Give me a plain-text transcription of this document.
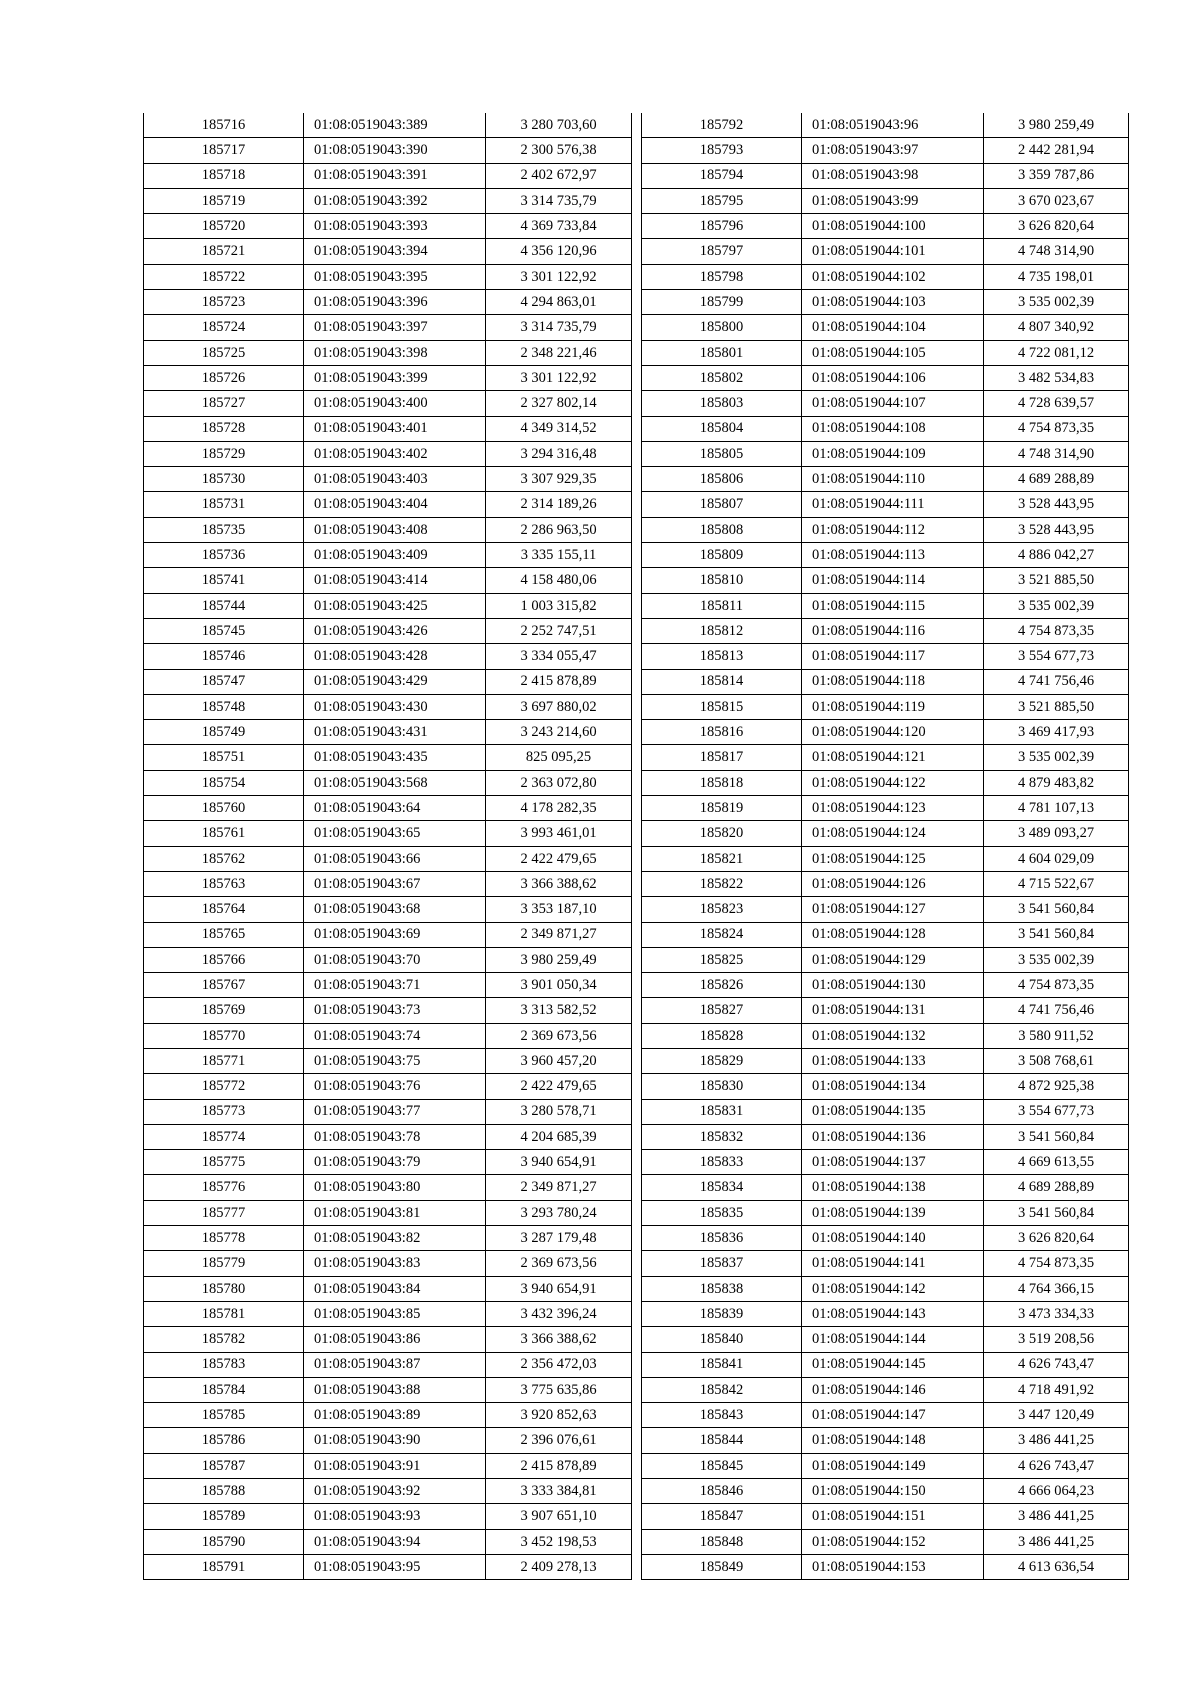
185716	01:08:0519043:389	3 280 703,60
185717	01:08:0519043:390	2 300 576,38
185718	01:08:0519043:391	2 402 672,97
185719	01:08:0519043:392	3 314 735,79
185720	01:08:0519043:393	4 369 733,84
185721	01:08:0519043:394	4 356 120,96
185722	01:08:0519043:395	3 301 122,92
185723	01:08:0519043:396	4 294 863,01
185724	01:08:0519043:397	3 314 735,79
185725	01:08:0519043:398	2 348 221,46
185726	01:08:0519043:399	3 301 122,92
185727	01:08:0519043:400	2 327 802,14
185728	01:08:0519043:401	4 349 314,52
185729	01:08:0519043:402	3 294 316,48
185730	01:08:0519043:403	3 307 929,35
185731	01:08:0519043:404	2 314 189,26
185735	01:08:0519043:408	2 286 963,50
185736	01:08:0519043:409	3 335 155,11
185741	01:08:0519043:414	4 158 480,06
185744	01:08:0519043:425	1 003 315,82
185745	01:08:0519043:426	2 252 747,51
185746	01:08:0519043:428	3 334 055,47
185747	01:08:0519043:429	2 415 878,89
185748	01:08:0519043:430	3 697 880,02
185749	01:08:0519043:431	3 243 214,60
185751	01:08:0519043:435	825 095,25
185754	01:08:0519043:568	2 363 072,80
185760	01:08:0519043:64	4 178 282,35
185761	01:08:0519043:65	3 993 461,01
185762	01:08:0519043:66	2 422 479,65
185763	01:08:0519043:67	3 366 388,62
185764	01:08:0519043:68	3 353 187,10
185765	01:08:0519043:69	2 349 871,27
185766	01:08:0519043:70	3 980 259,49
185767	01:08:0519043:71	3 901 050,34
185769	01:08:0519043:73	3 313 582,52
185770	01:08:0519043:74	2 369 673,56
185771	01:08:0519043:75	3 960 457,20
185772	01:08:0519043:76	2 422 479,65
185773	01:08:0519043:77	3 280 578,71
185774	01:08:0519043:78	4 204 685,39
185775	01:08:0519043:79	3 940 654,91
185776	01:08:0519043:80	2 349 871,27
185777	01:08:0519043:81	3 293 780,24
185778	01:08:0519043:82	3 287 179,48
185779	01:08:0519043:83	2 369 673,56
185780	01:08:0519043:84	3 940 654,91
185781	01:08:0519043:85	3 432 396,24
185782	01:08:0519043:86	3 366 388,62
185783	01:08:0519043:87	2 356 472,03
185784	01:08:0519043:88	3 775 635,86
185785	01:08:0519043:89	3 920 852,63
185786	01:08:0519043:90	2 396 076,61
185787	01:08:0519043:91	2 415 878,89
185788	01:08:0519043:92	3 333 384,81
185789	01:08:0519043:93	3 907 651,10
185790	01:08:0519043:94	3 452 198,53
185791	01:08:0519043:95	2 409 278,13
185792	01:08:0519043:96	3 980 259,49
185793	01:08:0519043:97	2 442 281,94
185794	01:08:0519043:98	3 359 787,86
185795	01:08:0519043:99	3 670 023,67
185796	01:08:0519044:100	3 626 820,64
185797	01:08:0519044:101	4 748 314,90
185798	01:08:0519044:102	4 735 198,01
185799	01:08:0519044:103	3 535 002,39
185800	01:08:0519044:104	4 807 340,92
185801	01:08:0519044:105	4 722 081,12
185802	01:08:0519044:106	3 482 534,83
185803	01:08:0519044:107	4 728 639,57
185804	01:08:0519044:108	4 754 873,35
185805	01:08:0519044:109	4 748 314,90
185806	01:08:0519044:110	4 689 288,89
185807	01:08:0519044:111	3 528 443,95
185808	01:08:0519044:112	3 528 443,95
185809	01:08:0519044:113	4 886 042,27
185810	01:08:0519044:114	3 521 885,50
185811	01:08:0519044:115	3 535 002,39
185812	01:08:0519044:116	4 754 873,35
185813	01:08:0519044:117	3 554 677,73
185814	01:08:0519044:118	4 741 756,46
185815	01:08:0519044:119	3 521 885,50
185816	01:08:0519044:120	3 469 417,93
185817	01:08:0519044:121	3 535 002,39
185818	01:08:0519044:122	4 879 483,82
185819	01:08:0519044:123	4 781 107,13
185820	01:08:0519044:124	3 489 093,27
185821	01:08:0519044:125	4 604 029,09
185822	01:08:0519044:126	4 715 522,67
185823	01:08:0519044:127	3 541 560,84
185824	01:08:0519044:128	3 541 560,84
185825	01:08:0519044:129	3 535 002,39
185826	01:08:0519044:130	4 754 873,35
185827	01:08:0519044:131	4 741 756,46
185828	01:08:0519044:132	3 580 911,52
185829	01:08:0519044:133	3 508 768,61
185830	01:08:0519044:134	4 872 925,38
185831	01:08:0519044:135	3 554 677,73
185832	01:08:0519044:136	3 541 560,84
185833	01:08:0519044:137	4 669 613,55
185834	01:08:0519044:138	4 689 288,89
185835	01:08:0519044:139	3 541 560,84
185836	01:08:0519044:140	3 626 820,64
185837	01:08:0519044:141	4 754 873,35
185838	01:08:0519044:142	4 764 366,15
185839	01:08:0519044:143	3 473 334,33
185840	01:08:0519044:144	3 519 208,56
185841	01:08:0519044:145	4 626 743,47
185842	01:08:0519044:146	4 718 491,92
185843	01:08:0519044:147	3 447 120,49
185844	01:08:0519044:148	3 486 441,25
185845	01:08:0519044:149	4 626 743,47
185846	01:08:0519044:150	4 666 064,23
185847	01:08:0519044:151	3 486 441,25
185848	01:08:0519044:152	3 486 441,25
185849	01:08:0519044:153	4 613 636,54
